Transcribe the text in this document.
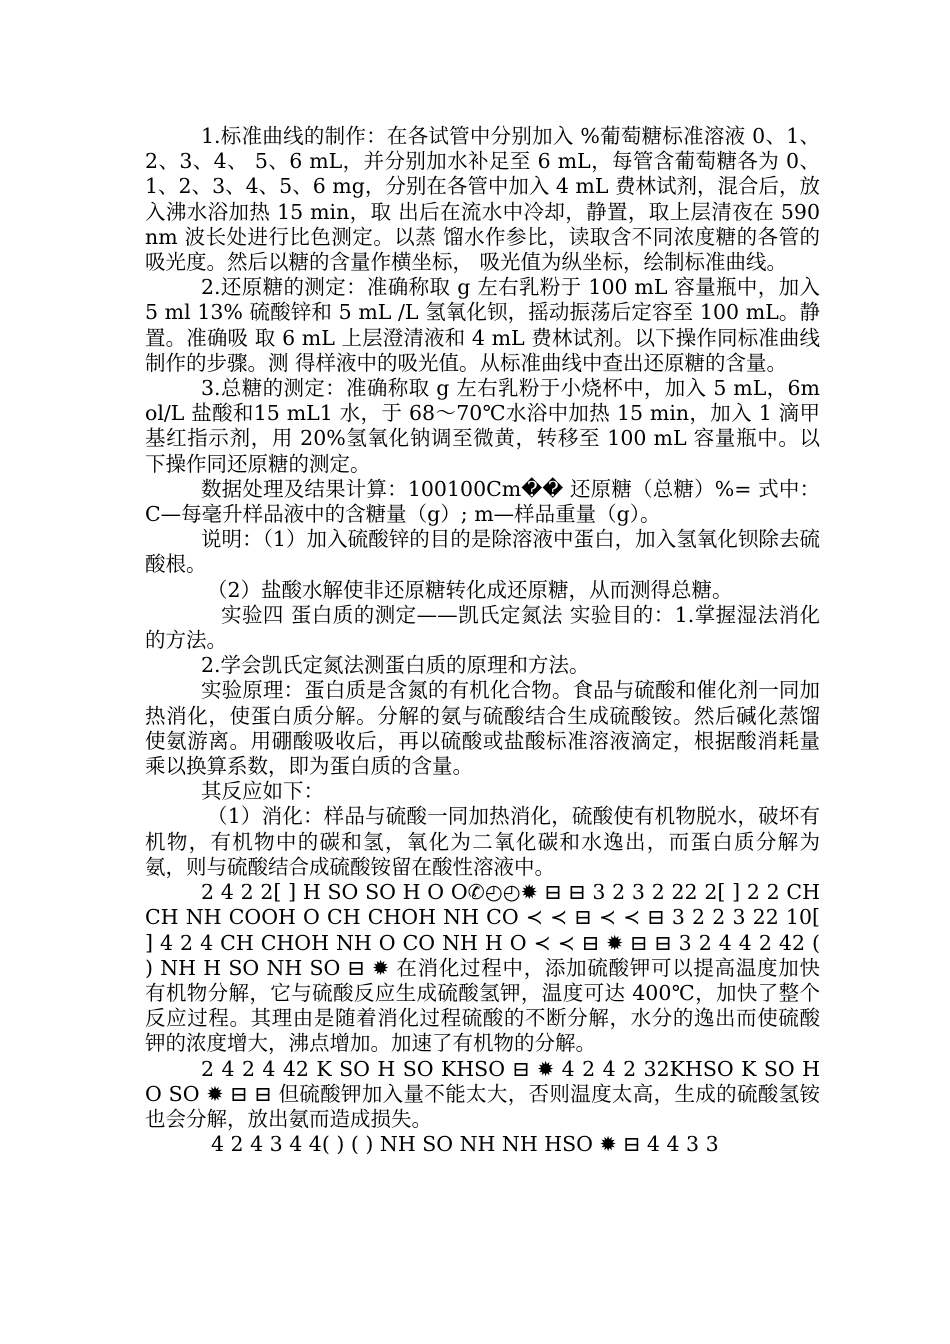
1.标准曲线的制作：在各试管中分别加入 %葡萄糖标准溶液 0、1、2、3、4、 5、6 mL，并分别加水补足至 6 mL，每管含葡萄糖各为 0、1、2、3、4、5、6 mg，分别在各管中加入 4 mL 费林试剂，混合后，放入沸水浴加热 15 min，取 出后在流水中冷却，静置，取上层清夜在 590 nm 波长处进行比色测定。以蒸 馏水作参比，读取含不同浓度糖的各管的吸光度。然后以糖的含量作横坐标， 吸光值为纵坐标，绘制标准曲线。

2.还原糖的测定：准确称取 g 左右乳粉于 100 mL 容量瓶中，加入 5 ml 13% 硫酸锌和 5 mL /L 氢氧化钡，摇动振荡后定容至 100 mL。静置。准确吸 取 6 mL 上层澄清液和 4 mL 费林试剂。以下操作同标准曲线制作的步骤。测 得样液中的吸光值。从标准曲线中查出还原糖的含量。

3.总糖的测定：准确称取 g 左右乳粉于小烧杯中，加入 5 mL，6mol/L 盐酸和15 mL1 水，于 68～70℃水浴中加热 15 min，加入 1 滴甲基红指示剂，用 20%氢氧化钠调至微黄，转移至 100 mL 容量瓶中。以下操作同还原糖的测定。

数据处理及结果计算：100100Cm�� 还原糖（总糖）%= 式中：C—每毫升样品液中的含糖量（g）; m—样品重量（g）。

说明：（1）加入硫酸锌的目的是除溶液中蛋白，加入氢氧化钡除去硫酸根。

（2）盐酸水解使非还原糖转化成还原糖，从而测得总糖。

实验四 蛋白质的测定——凯氏定氮法 实验目的：1.掌握湿法消化的方法。

2.学会凯氏定氮法测蛋白质的原理和方法。

实验原理：蛋白质是含氮的有机化合物。食品与硫酸和催化剂一同加热消化，使蛋白质分解。分解的氨与硫酸结合生成硫酸铵。然后碱化蒸馏使氨游离。用硼酸吸收后，再以硫酸或盐酸标准溶液滴定，根据酸消耗量乘以换算系数，即为蛋白质的含量。

其反应如下：

（1）消化：样品与硫酸一同加热消化，硫酸使有机物脱水，破坏有机物，有机物中的碳和氢，氧化为二氧化碳和水逸出，而蛋白质分解为氨，则与硫酸结合成硫酸铵留在酸性溶液中。

2 4 2 2[ ] H SO SO H O O✆◴◴✹ ⊟ ⊟ 3 2 3 2 22 2[ ] 2 2 CH CH NH COOH O CH CHOH NH CO ≺ ≺ ⊟ ≺ ≺ ⊟ 3 2 2 3 22 10[ ] 4 2 4 CH CHOH NH O CO NH H O ≺ ≺ ⊟ ✹ ⊟ ⊟ 3 2 4 4 2 42 ( ) NH H SO NH SO ⊟ ✹ 在消化过程中，添加硫酸钾可以提高温度加快有机物分解，它与硫酸反应生成硫酸氢钾，温度可达 400℃，加快了整个反应过程。其理由是随着消化过程硫酸的不断分解，水分的逸出而使硫酸钾的浓度增大，沸点增加。加速了有机物的分解。

2 4 2 4 42 K SO H SO KHSO ⊟ ✹ 4 2 4 2 32KHSO K SO H O SO ✹ ⊟ ⊟ 但硫酸钾加入量不能太大，否则温度太高，生成的硫酸氢铵也会分解，放出氨而造成损失。

4 2 4 3 4 4( ) ( ) NH SO NH NH HSO ✹ ⊟ 4 4 3 3
